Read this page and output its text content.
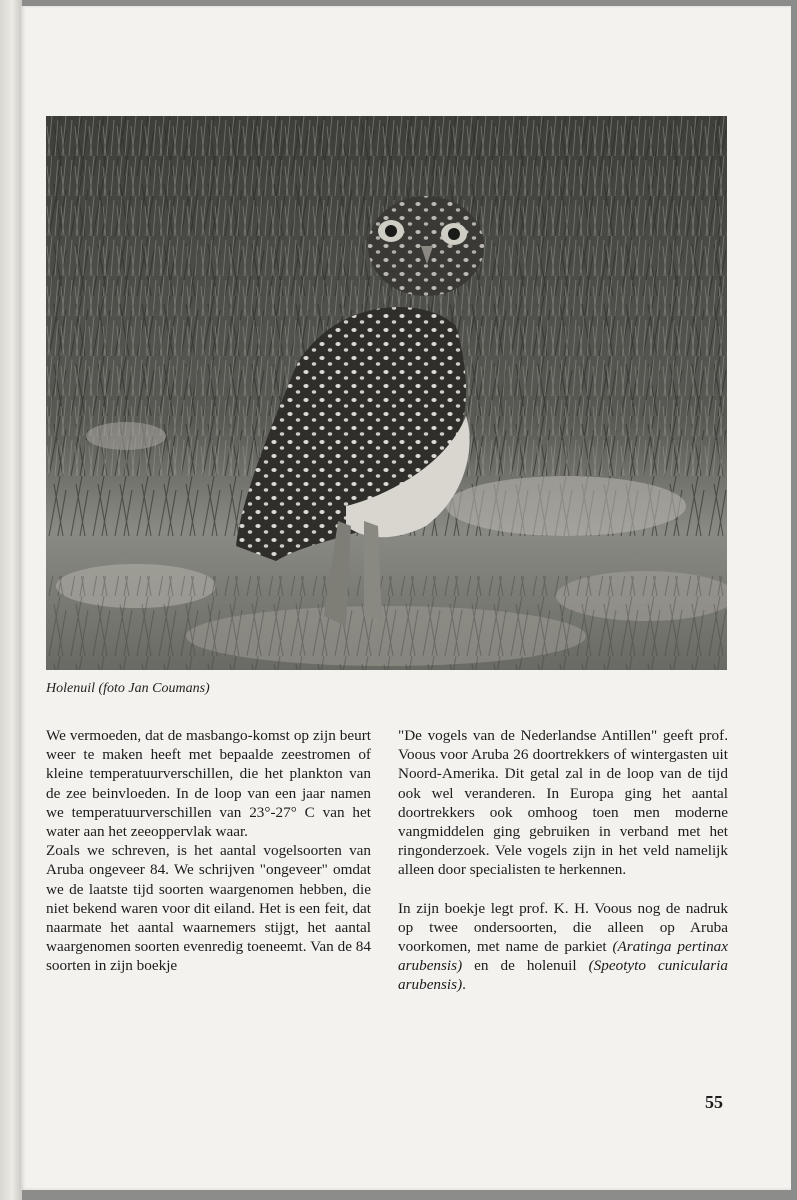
Holenuil (foto Jan Coumans)

We vermoeden, dat de masbango-komst op zijn beurt weer te maken heeft met bepaalde zeestromen of kleine temperatuurverschillen, die het plankton van de zee beinvloeden. In de loop van een jaar namen we temperatuurverschillen van 23°-27° C van het water aan het zeeoppervlak waar.

Zoals we schreven, is het aantal vogelsoorten van Aruba ongeveer 84. We schrijven "ongeveer" omdat we de laatste tijd soorten waargenomen hebben, die niet bekend waren voor dit eiland. Het is een feit, dat naarmate het aantal waarnemers stijgt, het aantal waargenomen soorten evenredig toeneemt. Van de 84 soorten in zijn boekje

"De vogels van de Nederlandse Antillen" geeft prof. Voous voor Aruba 26 doortrekkers of wintergasten uit Noord-Amerika. Dit getal zal in de loop van de tijd ook wel veranderen. In Europa ging het aantal doortrekkers ook omhoog toen men moderne vangmiddelen ging gebruiken in verband met het ringonderzoek. Vele vogels zijn in het veld namelijk alleen door specialisten te herkennen.

In zijn boekje legt prof. K. H. Voous nog de nadruk op twee ondersoorten, die alleen op Aruba voorkomen, met name de parkiet (Aratinga pertinax arubensis) en de holenuil (Speotyto cunicularia arubensis).

55
